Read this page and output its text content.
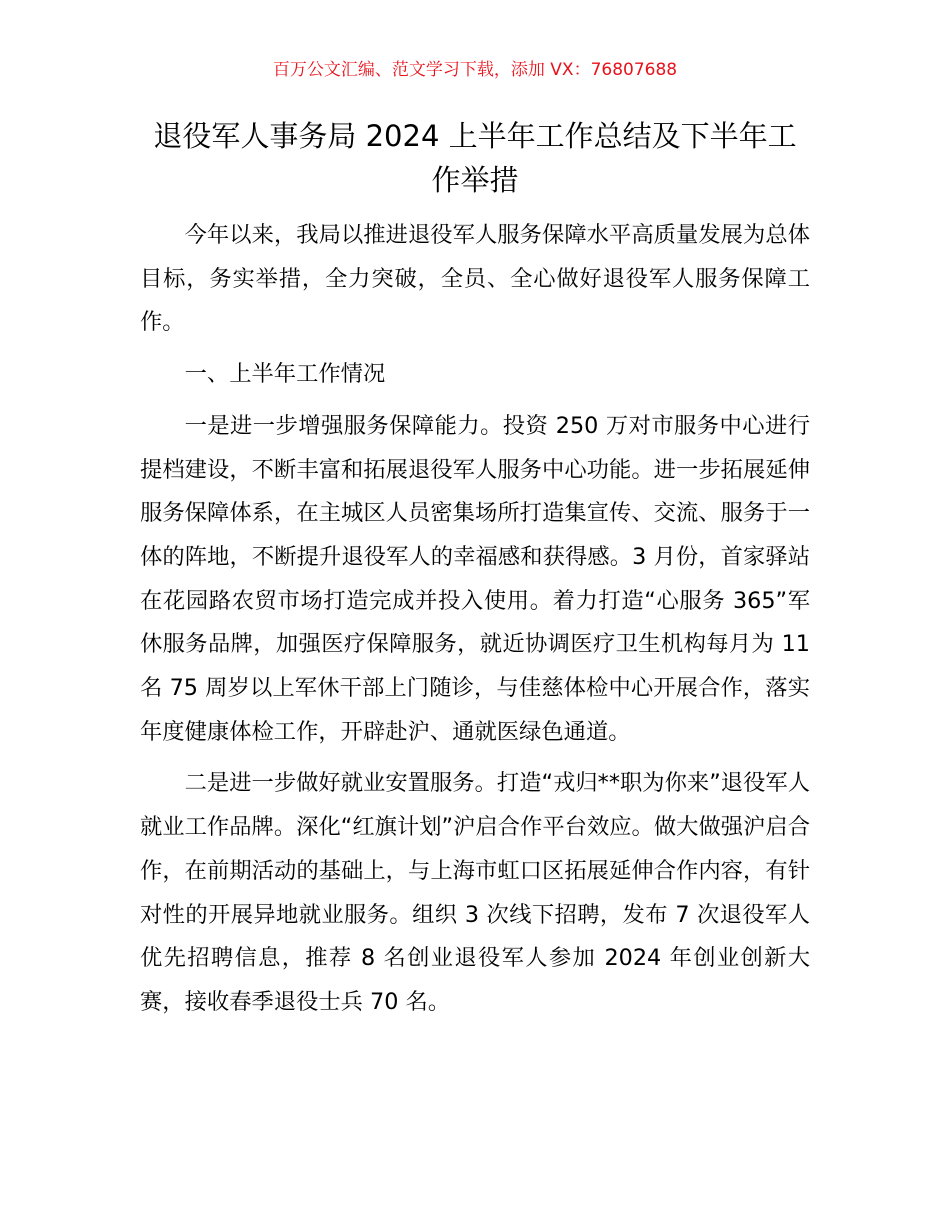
百万公文汇编、范文学习下载，添加 VX：76807688
退役军人事务局 2024 上半年工作总结及下半年工作举措

今年以来，我局以推进退役军人服务保障水平高质量发展为总体目标，务实举措，全力突破，全员、全心做好退役军人服务保障工作。

一、上半年工作情况

一是进一步增强服务保障能力。投资 250 万对市服务中心进行提档建设，不断丰富和拓展退役军人服务中心功能。进一步拓展延伸服务保障体系，在主城区人员密集场所打造集宣传、交流、服务于一体的阵地，不断提升退役军人的幸福感和获得感。3 月份，首家驿站在花园路农贸市场打造完成并投入使用。着力打造“心服务 365”军休服务品牌，加强医疗保障服务，就近协调医疗卫生机构每月为 11 名 75 周岁以上军休干部上门随诊，与佳慈体检中心开展合作，落实年度健康体检工作，开辟赴沪、通就医绿色通道。

二是进一步做好就业安置服务。打造“戎归**职为你来”退役军人就业工作品牌。深化“红旗计划”沪启合作平台效应。做大做强沪启合作，在前期活动的基础上，与上海市虹口区拓展延伸合作内容，有针对性的开展异地就业服务。组织 3 次线下招聘，发布 7 次退役军人优先招聘信息，推荐 8 名创业退役军人参加 2024 年创业创新大赛，接收春季退役士兵 70 名。
